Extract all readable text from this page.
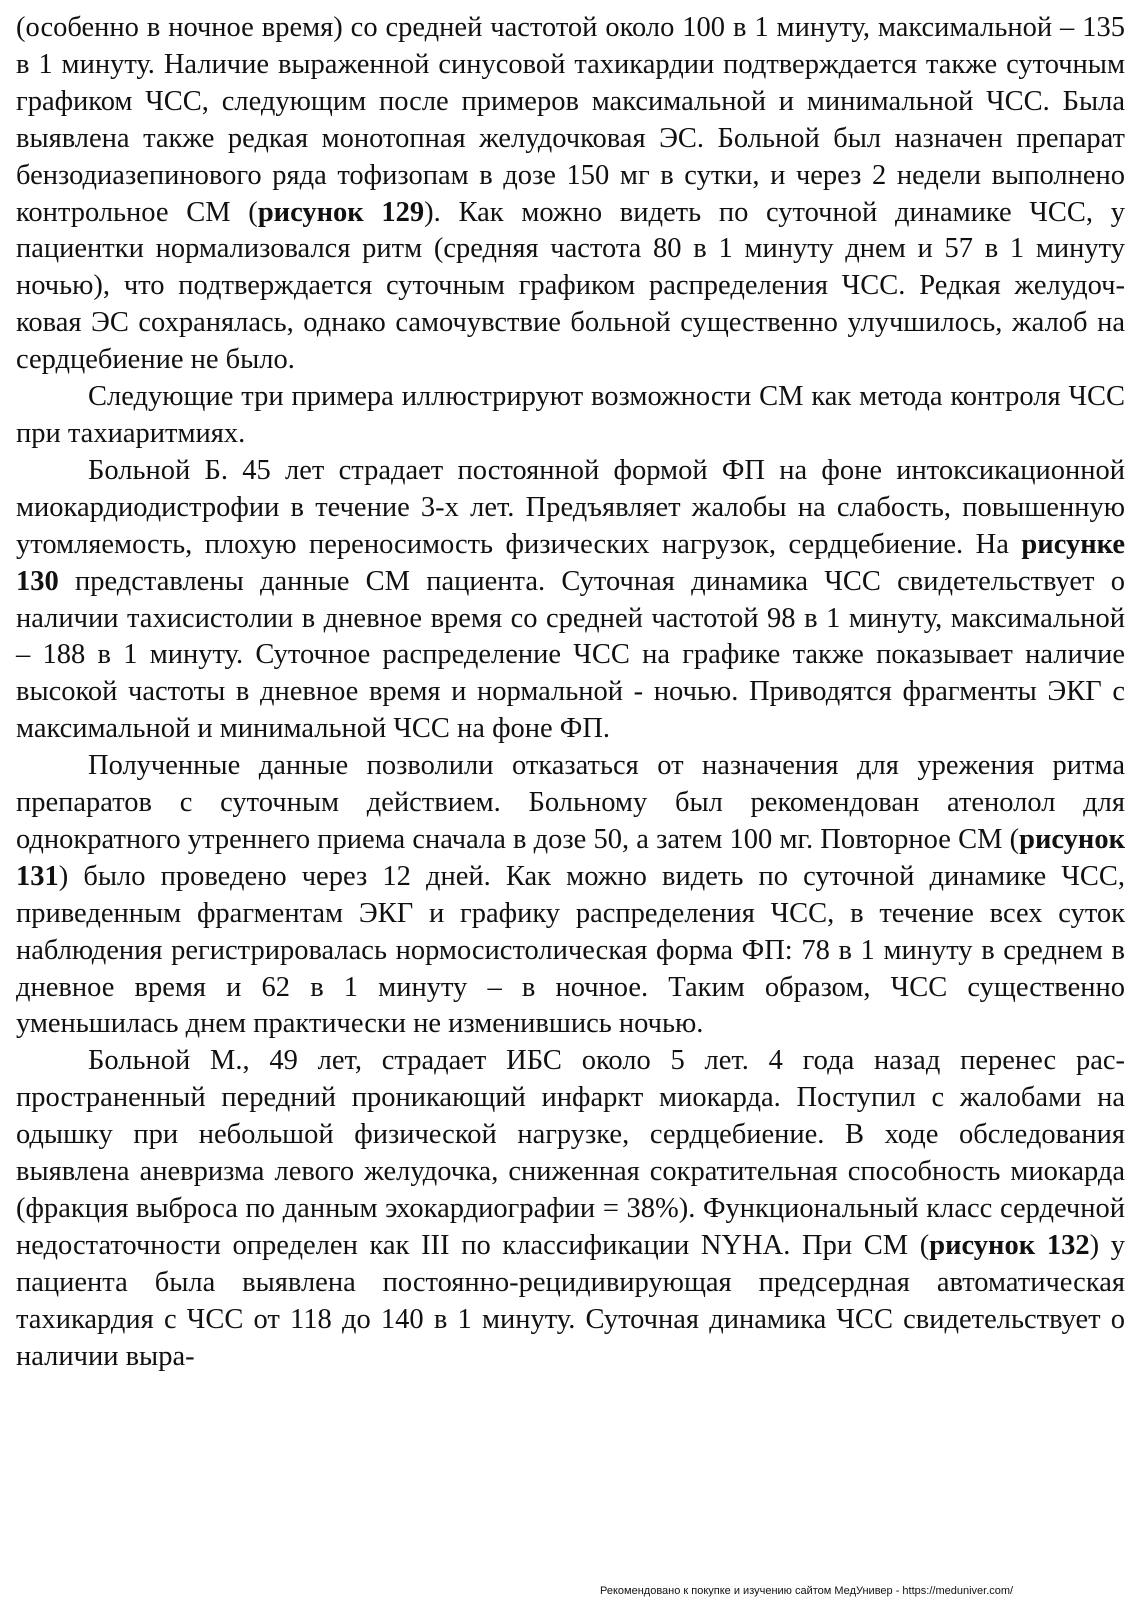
(особенно в ночное время) со средней частотой около 100 в 1 минуту, максимальной – 135 в 1 минуту. Наличие выраженной синусовой тахикардии подтверждается также суточным графиком ЧСС, следующим после примеров максимальной и минимальной ЧСС. Была выявлена также редкая монотопная желудочковая ЭС. Больной был назначен препарат бензодиазепинового ряда тофизопам в дозе 150 мг в сутки, и через 2 недели выполнено контрольное СМ (рисунок 129). Как можно видеть по суточной динамике ЧСС, у пациентки нормализовался ритм (средняя частота 80 в 1 минуту днем и 57 в 1 минуту ночью), что подтверждается суточным графиком распределения ЧСС. Редкая желудочковая ЭС сохранялась, однако самочувствие больной существенно улучшилось, жалоб на сердцебиение не было.

Следующие три примера иллюстрируют возможности СМ как метода контроля ЧСС при тахиаритмиях.

Больной Б. 45 лет страдает постоянной формой ФП на фоне интоксикационной миокардиодистрофии в течение 3-х лет. Предъявляет жалобы на слабость, повышенную утомляемость, плохую переносимость физических нагрузок, сердцебиение. На рисунке 130 представлены данные СМ пациента. Суточная динамика ЧСС свидетельствует о наличии тахисистолии в дневное время со средней частотой 98 в 1 минуту, максимальной – 188 в 1 минуту. Суточное распределение ЧСС на графике также показывает наличие высокой частоты в дневное время и нормальной - ночью. Приводятся фрагменты ЭКГ с максимальной и минимальной ЧСС на фоне ФП.

Полученные данные позволили отказаться от назначения для урежения ритма препаратов с суточным действием. Больному был рекомендован атенолол для однократного утреннего приема сначала в дозе 50, а затем 100 мг. Повторное СМ (рисунок 131) было проведено через 12 дней. Как можно видеть по суточной динамике ЧСС, приведенным фрагментам ЭКГ и графику распределения ЧСС, в течение всех суток наблюдения регистрировалась нормосистолическая форма ФП: 78 в 1 минуту в среднем в дневное время и 62 в 1 минуту – в ночное. Таким образом, ЧСС существенно уменьшилась днем практически не изменившись ночью.

Больной М., 49 лет, страдает ИБС около 5 лет. 4 года назад перенес распространенный передний проникающий инфаркт миокарда. Поступил с жалобами на одышку при небольшой физической нагрузке, сердцебиение. В ходе обследования выявлена аневризма левого желудочка, сниженная сократительная способность миокарда (фракция выброса по данным эхокардиографии = 38%). Функциональный класс сердечной недостаточности определен как III по классификации NYHA. При СМ (рисунок 132) у пациента была выявлена постоянно-рецидивирующая предсердная автоматическая тахикардия с ЧСС от 118 до 140 в 1 минуту. Суточная динамика ЧСС свидетельствует о наличии выра-

Рекомендовано к покупке и изучению сайтом МедУнивер - https://meduniver.com/
